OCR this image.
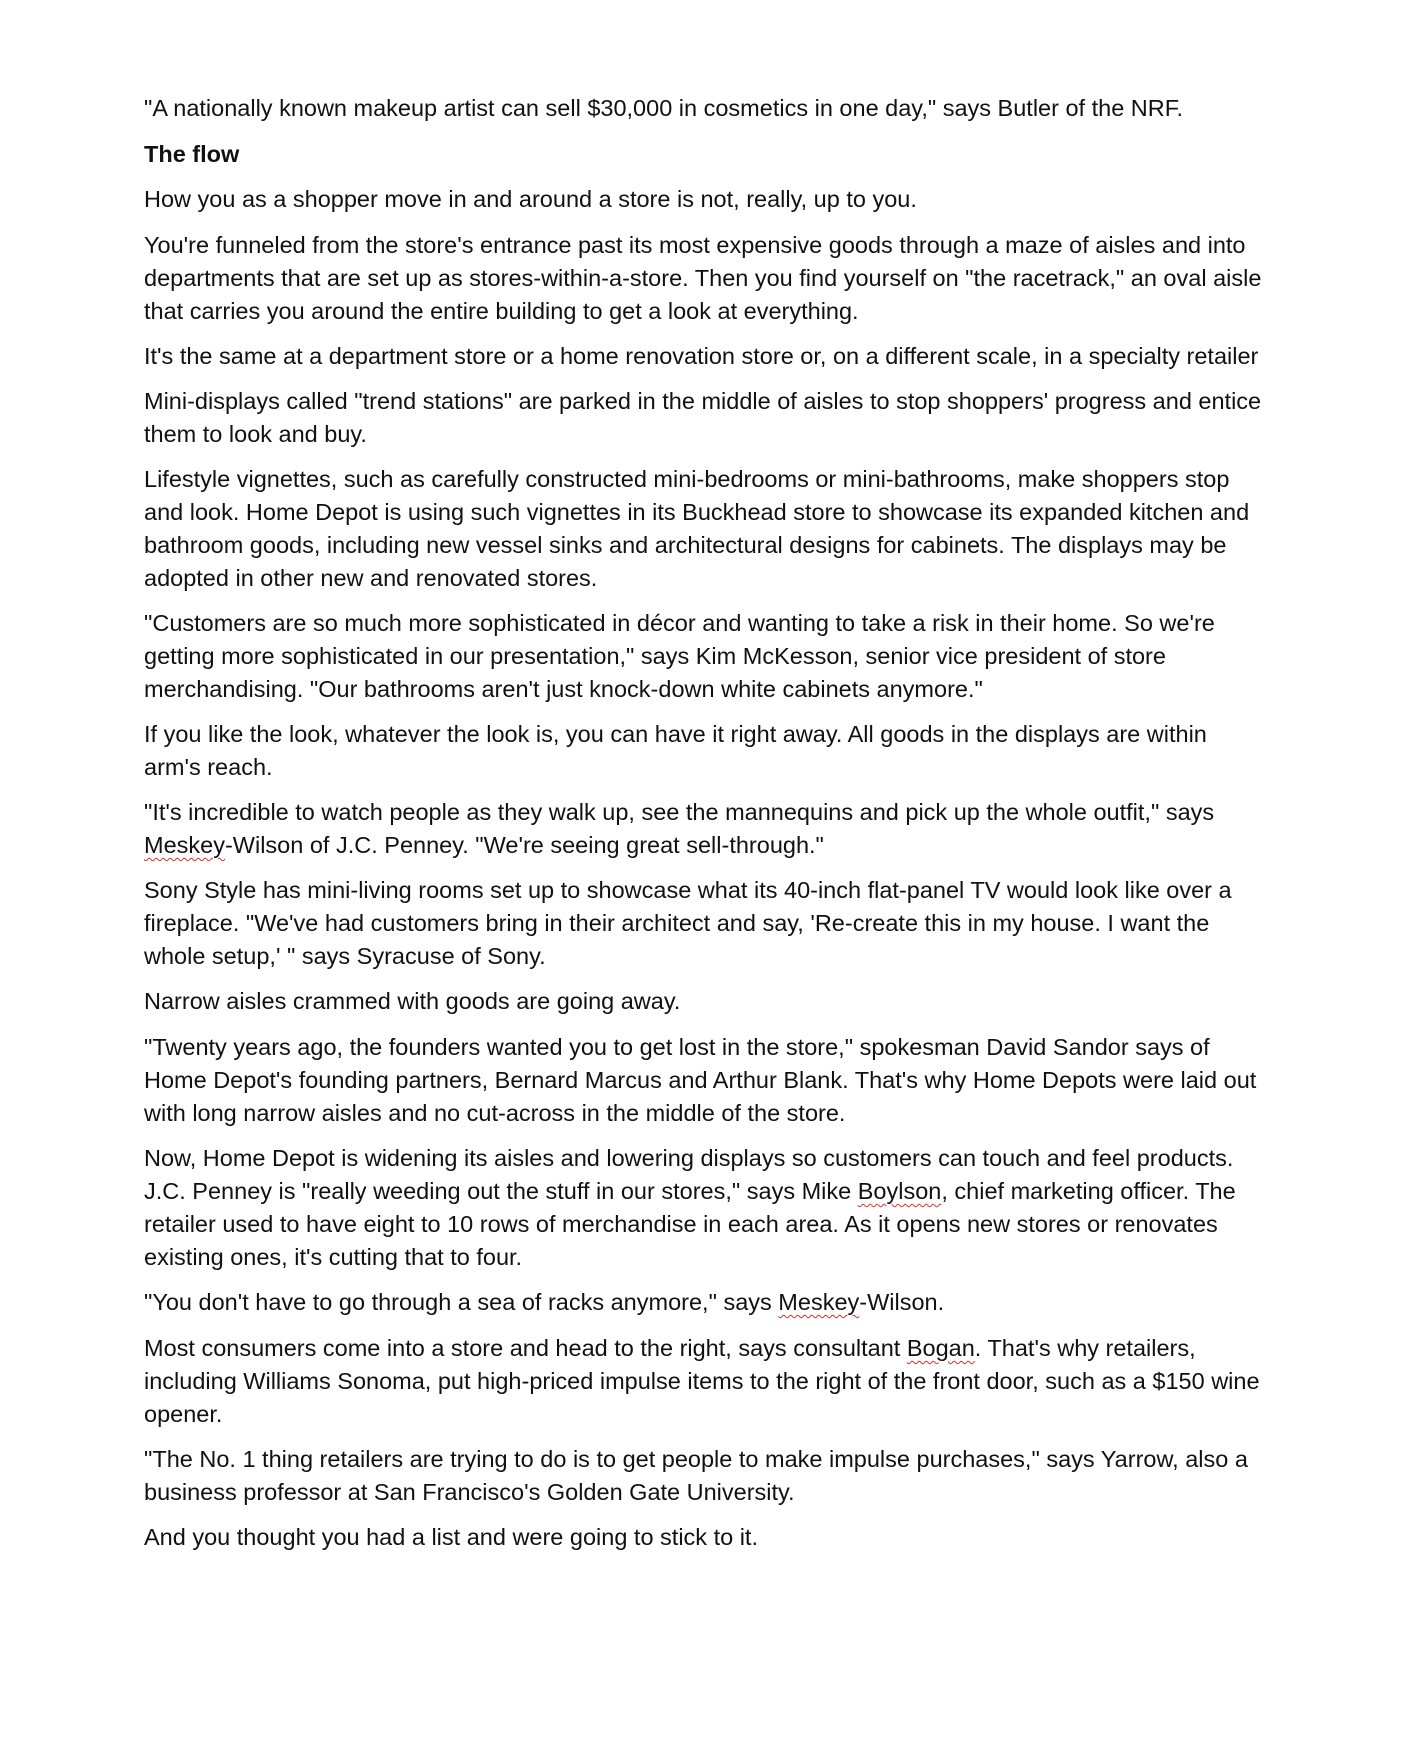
"A nationally known makeup artist can sell $30,000 in cosmetics in one day," says Butler of the NRF.

The flow

How you as a shopper move in and around a store is not, really, up to you.

You're funneled from the store's entrance past its most expensive goods through a maze of aisles and into departments that are set up as stores-within-a-store. Then you find yourself on "the racetrack," an oval aisle that carries you around the entire building to get a look at everything.

It's the same at a department store or a home renovation store or, on a different scale, in a specialty retailer

Mini-displays called "trend stations" are parked in the middle of aisles to stop shoppers' progress and entice them to look and buy.

Lifestyle vignettes, such as carefully constructed mini-bedrooms or mini-bathrooms, make shoppers stop and look. Home Depot is using such vignettes in its Buckhead store to showcase its expanded kitchen and bathroom goods, including new vessel sinks and architectural designs for cabinets. The displays may be adopted in other new and renovated stores.

"Customers are so much more sophisticated in décor and wanting to take a risk in their home. So we're getting more sophisticated in our presentation," says Kim McKesson, senior vice president of store merchandising. "Our bathrooms aren't just knock-down white cabinets anymore."

If you like the look, whatever the look is, you can have it right away. All goods in the displays are within arm's reach.

"It's incredible to watch people as they walk up, see the mannequins and pick up the whole outfit," says Meskey-Wilson of J.C. Penney. "We're seeing great sell-through."

Sony Style has mini-living rooms set up to showcase what its 40-inch flat-panel TV would look like over a fireplace. "We've had customers bring in their architect and say, 'Re-create this in my house. I want the whole setup,' " says Syracuse of Sony.

Narrow aisles crammed with goods are going away.

"Twenty years ago, the founders wanted you to get lost in the store," spokesman David Sandor says of Home Depot's founding partners, Bernard Marcus and Arthur Blank. That's why Home Depots were laid out with long narrow aisles and no cut-across in the middle of the store.

Now, Home Depot is widening its aisles and lowering displays so customers can touch and feel products. J.C. Penney is "really weeding out the stuff in our stores," says Mike Boylson, chief marketing officer. The retailer used to have eight to 10 rows of merchandise in each area. As it opens new stores or renovates existing ones, it's cutting that to four.

"You don't have to go through a sea of racks anymore," says Meskey-Wilson.

Most consumers come into a store and head to the right, says consultant Bogan. That's why retailers, including Williams Sonoma, put high-priced impulse items to the right of the front door, such as a $150 wine opener.

"The No. 1 thing retailers are trying to do is to get people to make impulse purchases," says Yarrow, also a business professor at San Francisco's Golden Gate University.

And you thought you had a list and were going to stick to it.
